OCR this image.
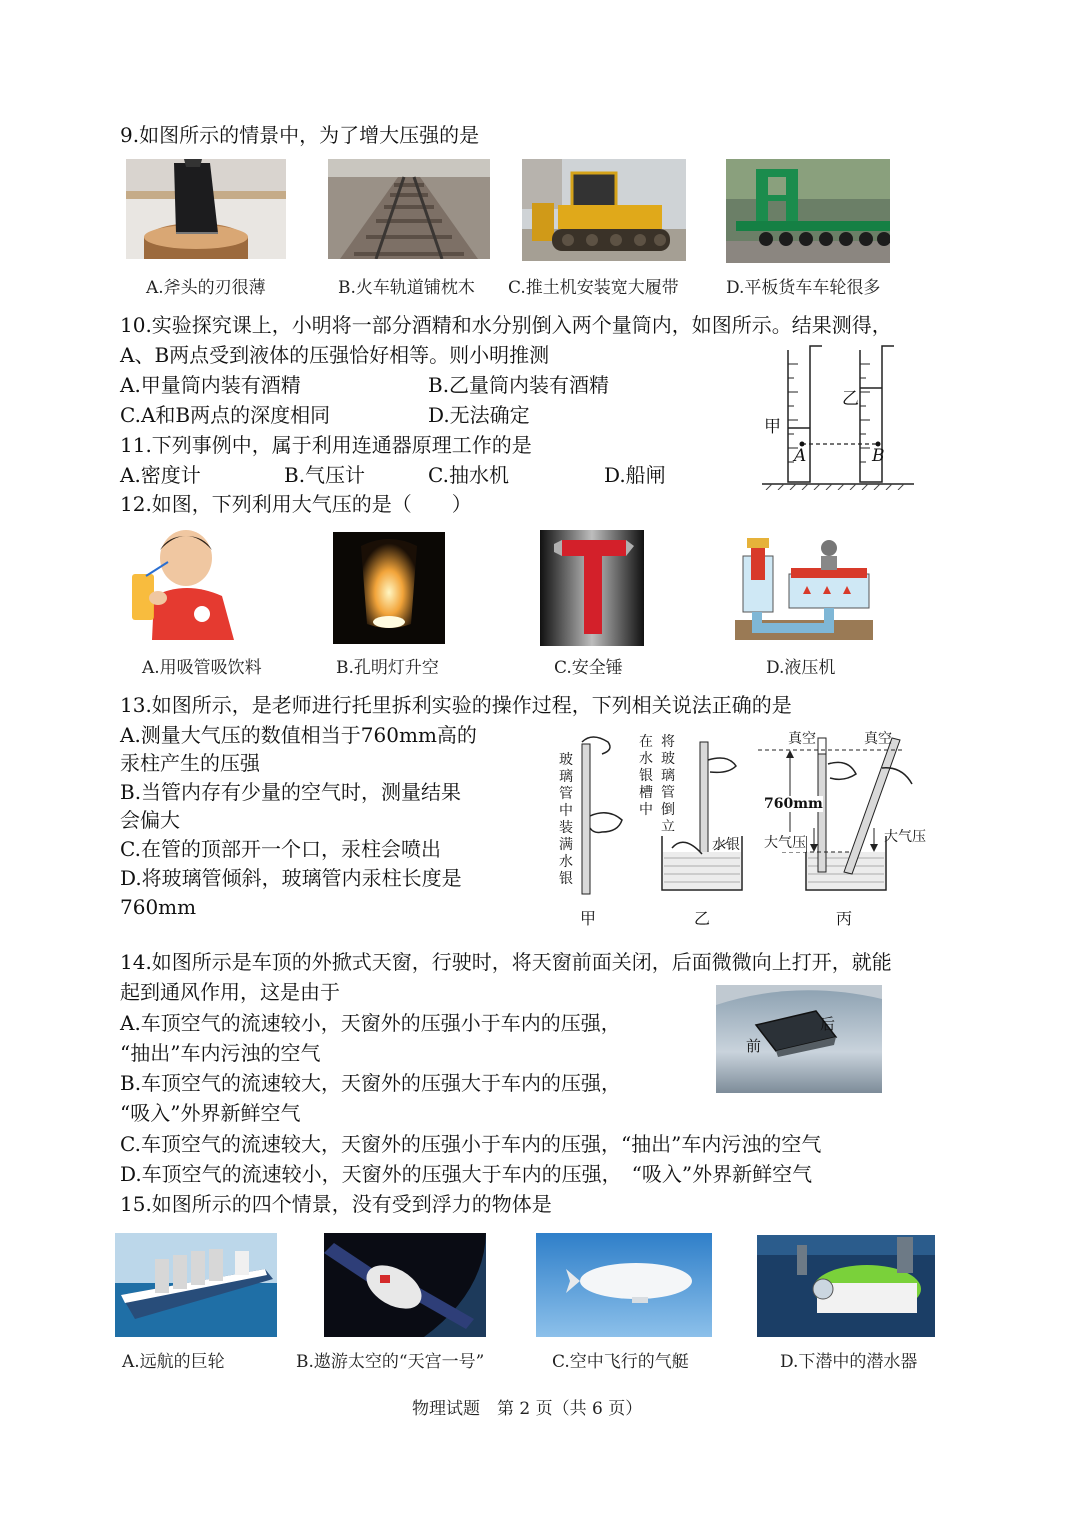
9.如图所示的情景中，为了增大压强的是
A.斧头的刃很薄	B.火车轨道铺枕木 C.推土机安装宽大履带	D.平板货车车轮很多
10.实验探究课上，小明将一部分酒精和水分别倒入两个量筒内，如图所示。结果测得，
A、B两点受到液体的压强恰好相等。则小明推测
A.甲量筒内装有酒精	B.乙量筒内装有酒精
C.A和B两点的深度相同	D.无法确定	甲
乙
A	B
11.下列事例中，属于利用连通器原理工作的是
A.密度计	B.气压计	C.抽水机	D.船闸
12.如图，下列利用大气压的是（　　）
A.用吸管吸饮料	B.孔明灯升空	C.安全锤	D.液压机
13.如图所示，是老师进行托里拆利实验的操作过程，下列相关说法正确的是
A.测量大气压的数值相当于760mm高的
汞柱产生的压强
B.当管内存有少量的空气时，测量结果
会偏大
C.在管的顶部开一个口，汞柱会喷出
D.将玻璃管倾斜，玻璃管内汞柱长度是
760mm
玻璃管中装满水银
将玻璃管倒立
在水银槽中
水银
真空	真空
760mm
大气压	大气压
甲	乙	丙
14.如图所示是车顶的外掀式天窗，行驶时，将天窗前面关闭，后面微微向上打开，就能
起到通风作用，这是由于
A.车顶空气的流速较小，天窗外的压强小于车内的压强，
“抽出”车内污浊的空气
B.车顶空气的流速较大，天窗外的压强大于车内的压强，
“吸入”外界新鲜空气
C.车顶空气的流速较大，天窗外的压强小于车内的压强，“抽出”车内污浊的空气
D.车顶空气的流速较小，天窗外的压强大于车内的压强，　“吸入”外界新鲜空气
前
后
15.如图所示的四个情景，没有受到浮力的物体是
A.远航的巨轮	B.遨游太空的“天宫一号”	C.空中飞行的气艇	D.下潜中的潜水器
物理试题　第 2 页（共 6 页）
